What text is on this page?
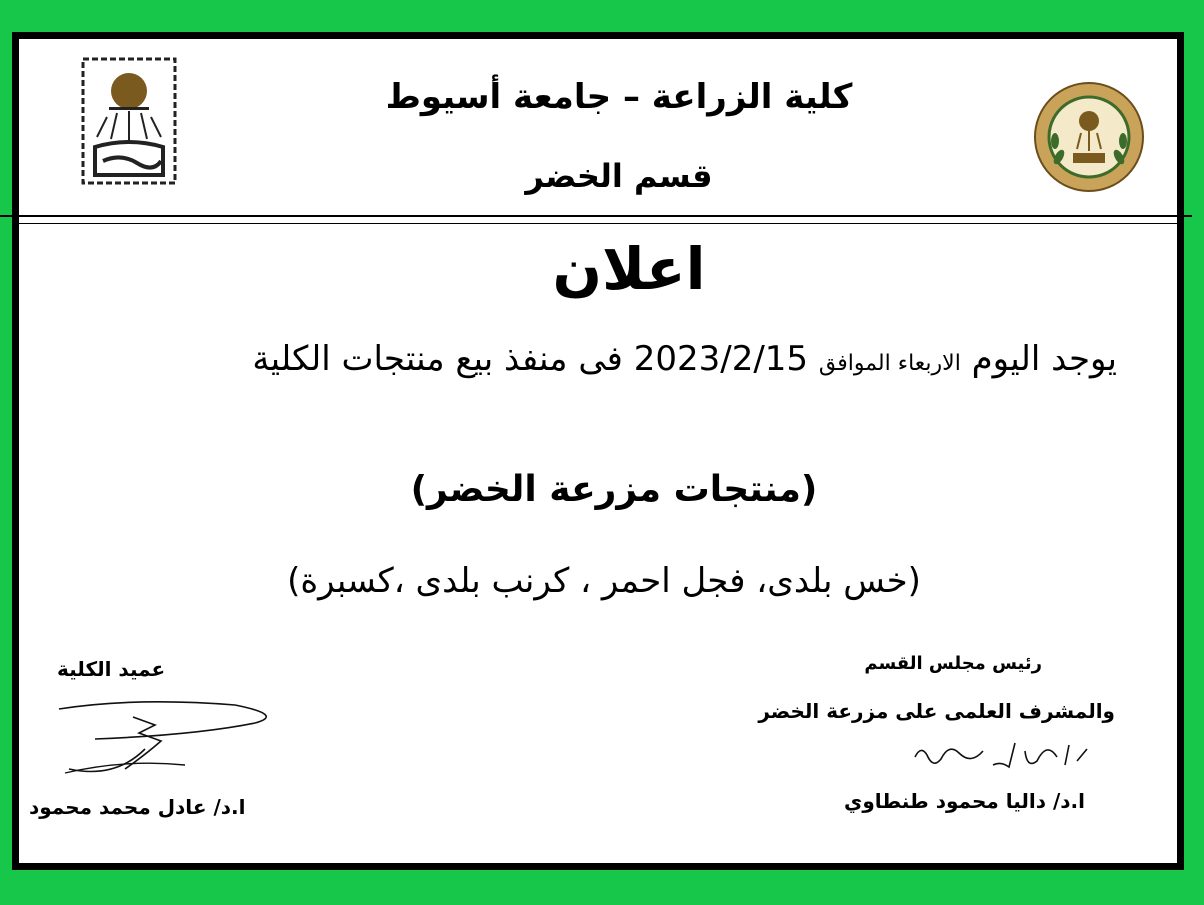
كلية الزراعة – جامعة أسيوط
قسم الخضر
اعلان
يوجد اليوم الاربعاء الموافق 2023/2/15 فى منفذ بيع منتجات الكلية
(منتجات مزرعة الخضر)
(خس بلدى، فجل احمر ، كرنب بلدى ،كسبرة)
رئيس مجلس القسم
والمشرف العلمى على مزرعة الخضر
ا.د/ داليا محمود طنطاوي
عميد الكلية
ا.د/ عادل محمد محمود
